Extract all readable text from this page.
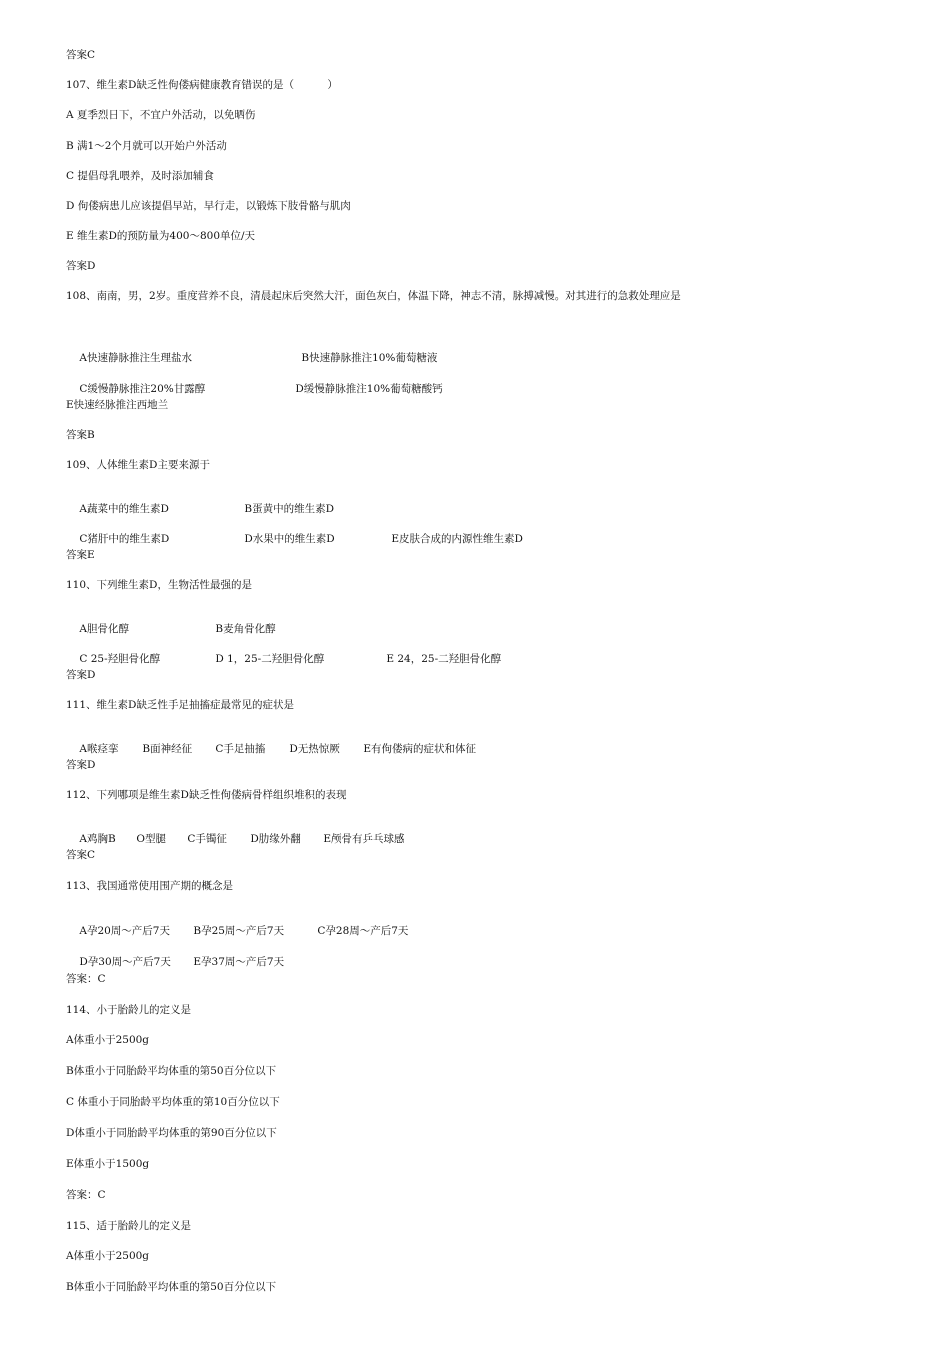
答案C
107、维生素D缺乏性佝偻病健康教育错误的是（          ）
A 夏季烈日下，不宜户外活动，以免晒伤
B 满1～2个月就可以开始户外活动
C 提倡母乳喂养，及时添加辅食
D 佝偻病患儿应该提倡早站，早行走，以锻炼下肢骨骼与肌肉
E 维生素D的预防量为400～800单位/天
答案D
108、南南，男，2岁。重度营养不良，清晨起床后突然大汗，面色灰白，体温下降，神志不清，脉搏减慢。对其进行的急救处理应是

A快速静脉推注生理盐水	B快速静脉推注10%葡萄糖液

C缓慢静脉推注20%甘露醇	D缓慢静脉推注10%葡萄糖酸钙

E快速经脉推注西地兰
答案B
109、人体维生素D主要来源于

A蔬菜中的维生素D	B蛋黄中的维生素D

C猪肝中的维生素D	D水果中的维生素D	E皮肤合成的内源性维生素D

答案E
110、下列维生素D，生物活性最强的是

A胆骨化醇	B麦角骨化醇

C 25-羟胆骨化醇	D 1，25-二羟胆骨化醇	E 24，25-二羟胆骨化醇

答案D
111、维生素D缺乏性手足抽搐症最常见的症状是

A喉痉挛 B面神经征 C手足抽搐 D无热惊厥 E有佝偻病的症状和体征

答案D
112、下列哪项是维生素D缺乏性佝偻病骨样组织堆积的表现

A鸡胸B O型腿 C手镯征 D肋缘外翻 E颅骨有乒乓球感

答案C
113、我国通常使用围产期的概念是

A孕20周～产后7天 B孕25周～产后7天	C孕28周～产后7天

D孕30周～产后7天 E孕37周～产后7天

答案：C
114、小于胎龄儿的定义是
A体重小于2500g
B体重小于同胎龄平均体重的第50百分位以下
C 体重小于同胎龄平均体重的第10百分位以下
D体重小于同胎龄平均体重的第90百分位以下
E体重小于1500g
答案：C
115、适于胎龄儿的定义是
A体重小于2500g
B体重小于同胎龄平均体重的第50百分位以下
